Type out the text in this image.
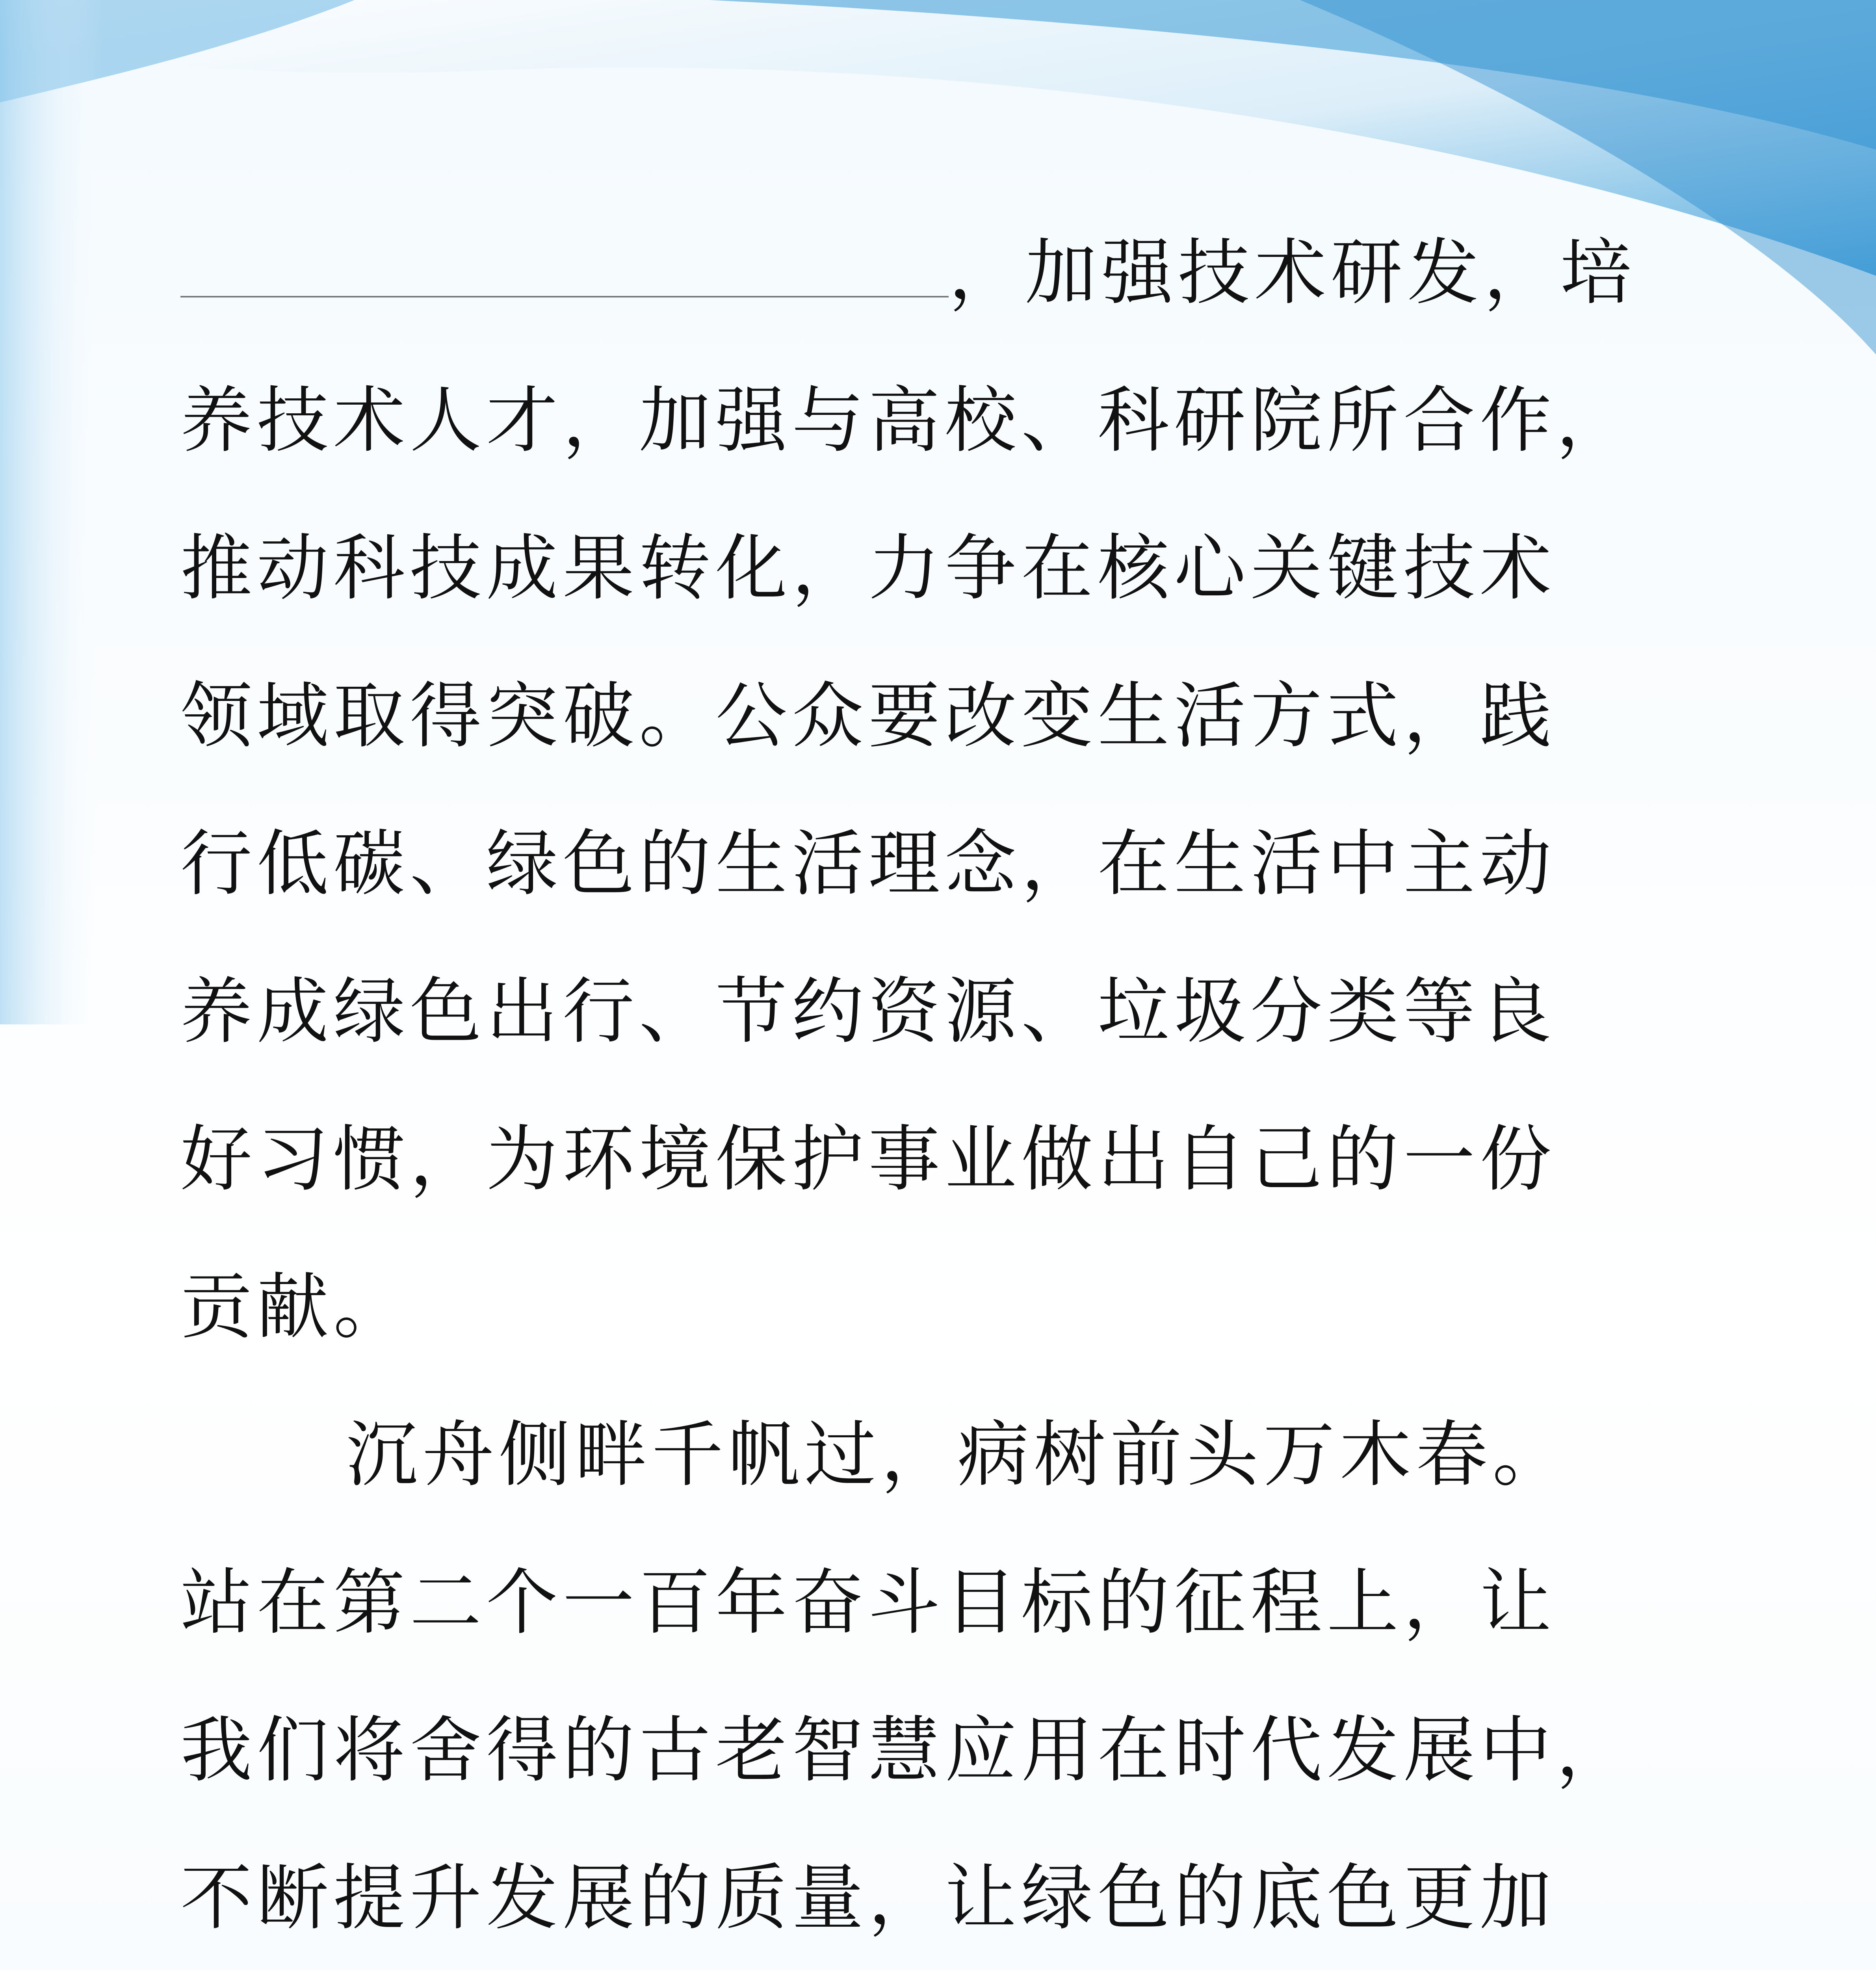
，加强技术研发，培
养技术人才，加强与高校、科研院所合作，
推动科技成果转化，力争在核心关键技术
领域取得突破。公众要改变生活方式，践
行低碳、绿色的生活理念，在生活中主动
养成绿色出行、节约资源、垃圾分类等良
好习惯，为环境保护事业做出自己的一份
贡献。
沉舟侧畔千帆过，病树前头万木春。
站在第二个一百年奋斗目标的征程上，让
我们将舍得的古老智慧应用在时代发展中，
不断提升发展的质量，让绿色的底色更加
